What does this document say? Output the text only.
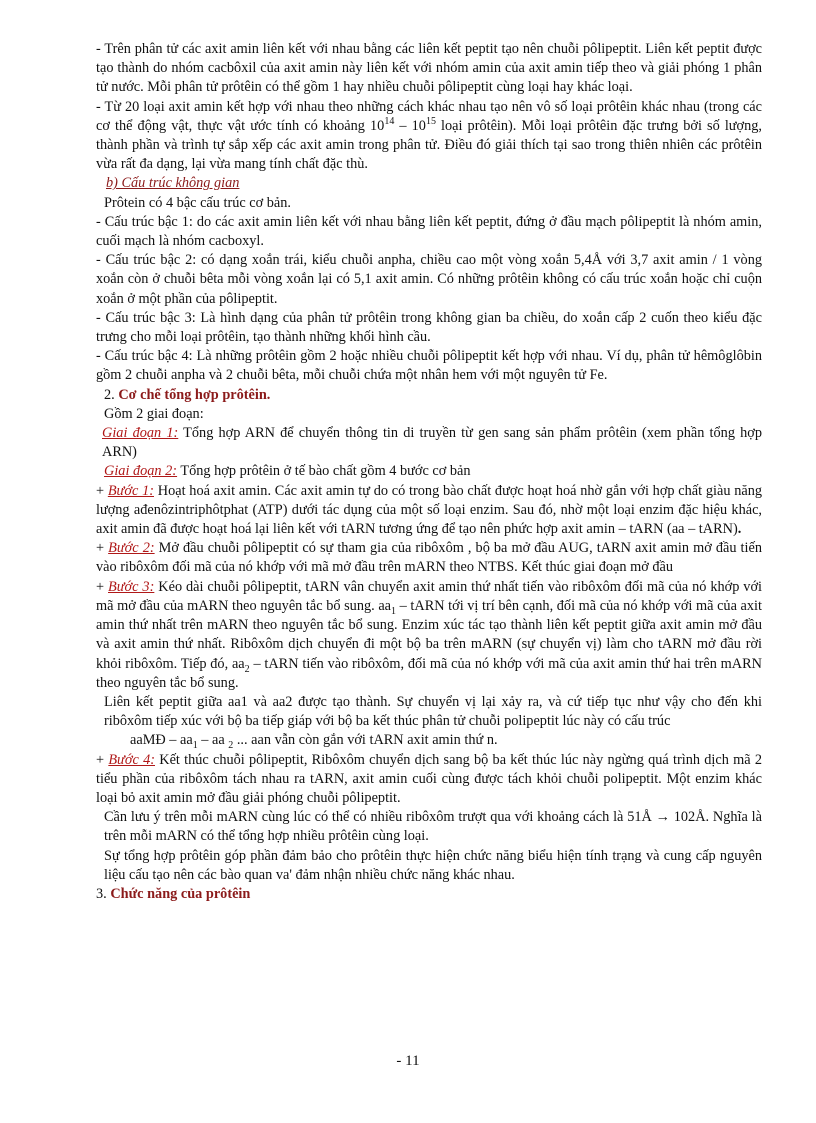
- Trên phân tử các axit amin liên kết với nhau bằng các liên kết peptit tạo nên chuỗi pôlipeptit. Liên kết peptit được tạo thành do nhóm cacbôxil của axit amin này liên kết với nhóm amin của axit amin tiếp theo và giải phóng 1 phân tử nước. Mỗi phân tử prôtêin có thể gồm 1 hay nhiều chuỗi pôlipeptit cùng loại hay khác loại.

- Từ 20 loại axit amin kết hợp với nhau theo những cách khác nhau tạo nên vô số loại prôtêin khác nhau (trong các cơ thể động vật, thực vật ước tính có khoảng $10^{14} - 10^{15}$ loại prôtêin). Mỗi loại prôtêin đặc trưng bởi số lượng, thành phần và trình tự sắp xếp các axit amin trong phân tử. Điều đó giải thích tại sao trong thiên nhiên các prôtêin vừa rất đa dạng, lại vừa mang tính chất đặc thù.

b) Cấu trúc không gian

Prôtein có 4 bậc cấu trúc cơ bản.

- Cấu trúc bậc 1: do các axit amin liên kết với nhau bằng liên kết peptit, đứng ở đầu mạch pôlipeptit là nhóm amin, cuối mạch là nhóm cacboxyl.

- Cấu trúc bậc 2: có dạng xoắn trái, kiểu chuỗi anpha, chiều cao một vòng xoắn 5,4Å với 3,7 axit amin / 1 vòng xoắn còn ở chuỗi bêta mỗi vòng xoắn lại có 5,1 axit amin. Có những prôtêin không có cấu trúc xoắn hoặc chỉ cuộn xoắn ở một phần của pôlipeptit.

- Cấu trúc bậc 3: Là hình dạng của phân tử prôtêin trong không gian ba chiều, do xoắn cấp 2 cuốn theo kiểu đặc trưng cho mỗi loại prôtêin, tạo thành những khối hình cầu.

- Cấu trúc bậc 4: Là những prôtêin gồm 2 hoặc nhiều chuỗi pôlipeptit kết hợp với nhau. Ví dụ, phân tử hêmôglôbin gồm 2 chuỗi anpha và 2 chuỗi bêta, mỗi chuỗi chứa một nhân hem với một nguyên tử Fe.

2. Cơ chế tổng hợp prôtêin.

Gồm 2 giai đoạn:

Giai đoạn 1: Tổng hợp ARN để chuyển thông tin di truyền từ gen sang sản phẩm prôtêin (xem phần tổng hợp ARN)

Giai đoạn 2: Tổng hợp prôtêin ở tế bào chất gồm 4 bước cơ bản

+ Bước 1: Hoạt hoá axit amin. Các axit amin tự do có trong bào chất được hoạt hoá nhờ gắn với hợp chất giàu năng lượng ađenôzintriphôtphat (ATP) dưới tác dụng của một số loại enzim. Sau đó, nhờ một loại enzim đặc hiệu khác, axit amin đã được hoạt hoá lại liên kết với tARN tương ứng để tạo nên phức hợp axit amin – tARN (aa – tARN).

+ Bước 2: Mở đầu chuỗi pôlipeptit có sự tham gia của ribôxôm , bộ ba mở đầu AUG, tARN axit amin mở đầu tiến vào ribôxôm đối mã của nó khớp với mã mở đầu trên mARN theo NTBS. Kết thúc giai đoạn mở đầu

+ Bước 3: Kéo dài chuỗi pôlipeptit, tARN vân chuyển axit amin thứ nhất tiến vào ribôxôm đối mã của nó khớp với mã mở đầu của mARN theo nguyên tắc bổ sung. $aa_1$ – tARN tới vị trí bên cạnh, đối mã của nó khớp với mã của axit amin thứ nhất trên mARN theo nguyên tắc bổ sung. Enzim xúc tác tạo thành liên kết peptit giữa axit amin mở đầu và axit amin thứ nhất. Ribôxôm dịch chuyển đi một bộ ba trên mARN (sự chuyển vị) làm cho tARN mở đầu rời khỏi ribôxôm. Tiếp đó, $aa_2$ – tARN tiến vào ribôxôm, đối mã của nó khớp với mã của axit amin thứ hai trên mARN theo nguyên tắc bổ sung.

Liên kết peptit giữa aa1 và aa2 được tạo thành. Sự chuyển vị lại xảy ra, và cứ tiếp tục như vậy cho đến khi ribôxôm tiếp xúc với bộ ba tiếp giáp với bộ ba kết thúc phân tử chuỗi polipeptit lúc này có cấu trúc

aaMĐ – $aa_1$ – aa $_2$ ... aan vẫn còn gắn với tARN axit amin thứ n.

+ Bước 4: Kết thúc chuỗi pôlipeptit, Ribôxôm chuyển dịch sang bộ ba kết thúc lúc này ngừng quá trình dịch mã 2 tiểu phần của ribôxôm tách nhau ra tARN, axit amin cuối cùng được tách khỏi chuỗi polipeptit. Một enzim khác loại bỏ axit amin mở đầu giải phóng chuỗi pôlipeptit.

Cần lưu ý trên mỗi mARN cùng lúc có thể có nhiều ribôxôm trượt qua với khoảng cách là 51Å → 102Å. Nghĩa là trên mỗi mARN có thể tổng hợp nhiều prôtêin cùng loại.

Sự tổng hợp prôtêin góp phần đảm bảo cho prôtêin thực hiện chức năng biểu hiện tính trạng và cung cấp nguyên liệu cấu tạo nên các bào quan va' đảm nhận nhiều chức năng khác nhau.

3. Chức năng của prôtêin

- 11
